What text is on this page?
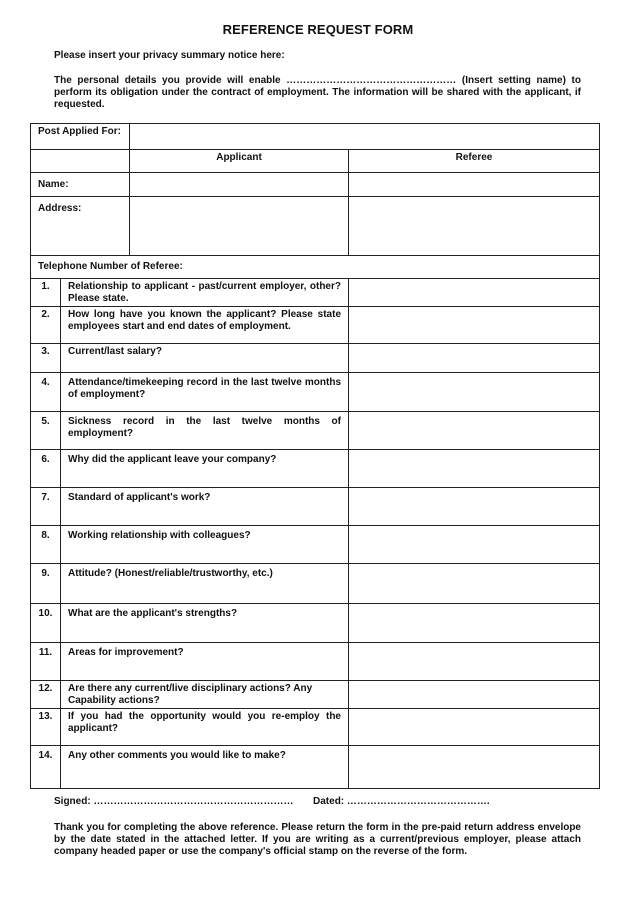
REFERENCE REQUEST FORM
Please insert your privacy summary notice here:
The personal details you provide will enable …………………………………………… (Insert setting name) to perform its obligation under the contract of employment. The information will be shared with the applicant, if requested.
Post Applied For:			
		Applicant	Referee
Name:			
Address:			
Telephone Number of Referee:			
1.	Relationship to applicant - past/current employer, other? Please state.		
2.	How long have you known the applicant? Please state employees start and end dates of employment.		
3.	Current/last salary?		
4.	Attendance/timekeeping record in the last twelve months of employment?		
5.	Sickness record in the last twelve months of employment?		
6.	Why did the applicant leave your company?		
7.	Standard of applicant's work?		
8.	Working relationship with colleagues?		
9.	Attitude? (Honest/reliable/trustworthy, etc.)		
10.	What are the applicant's strengths?		
11.	Areas for improvement?		
12.	Are there any current/live disciplinary actions? Any Capability actions?		
13.	If you had the opportunity would you re-employ the applicant?		
14.	Any other comments you would like to make?		
Signed: …………………………………………………… Dated: …………………………………….
Thank you for completing the above reference. Please return the form in the pre-paid return address envelope by the date stated in the attached letter. If you are writing as a current/previous employer, please attach company headed paper or use the company's official stamp on the reverse of the form.
